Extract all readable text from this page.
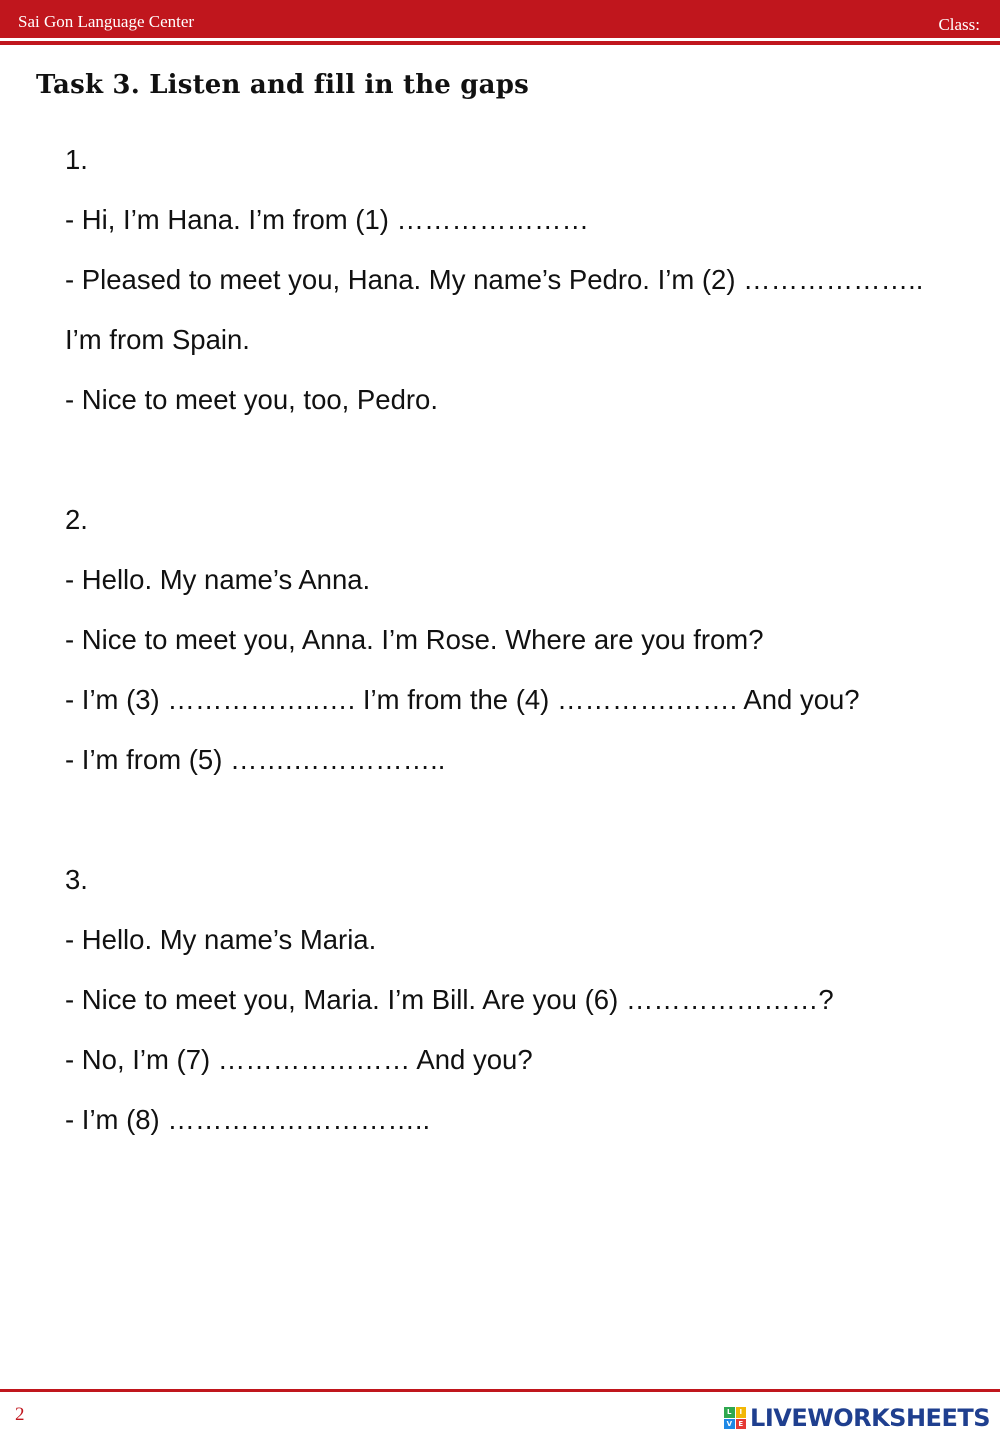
Sai Gon Language Center	Class:
Task 3. Listen and fill in the gaps
1.
- Hi, I’m Hana. I’m from (1) …………………
- Pleased to meet you, Hana. My name’s Pedro. I’m (2) ………………..
I’m from Spain.
- Nice to meet you, too, Pedro.
2.
- Hello. My name’s Anna.
- Nice to meet you, Anna. I’m Rose. Where are you from?
- I’m (3) ……………..…. I’m from the (4) ………….……. And you?
- I’m from (5) …….……………..
3.
- Hello. My name’s Maria.
- Nice to meet you, Maria. I’m Bill. Are you (6) …………………?
- No, I’m (7) ………………… And you?
- I’m (8) ………………………..
2	L	I
V E LIVEWORKSHEETS
